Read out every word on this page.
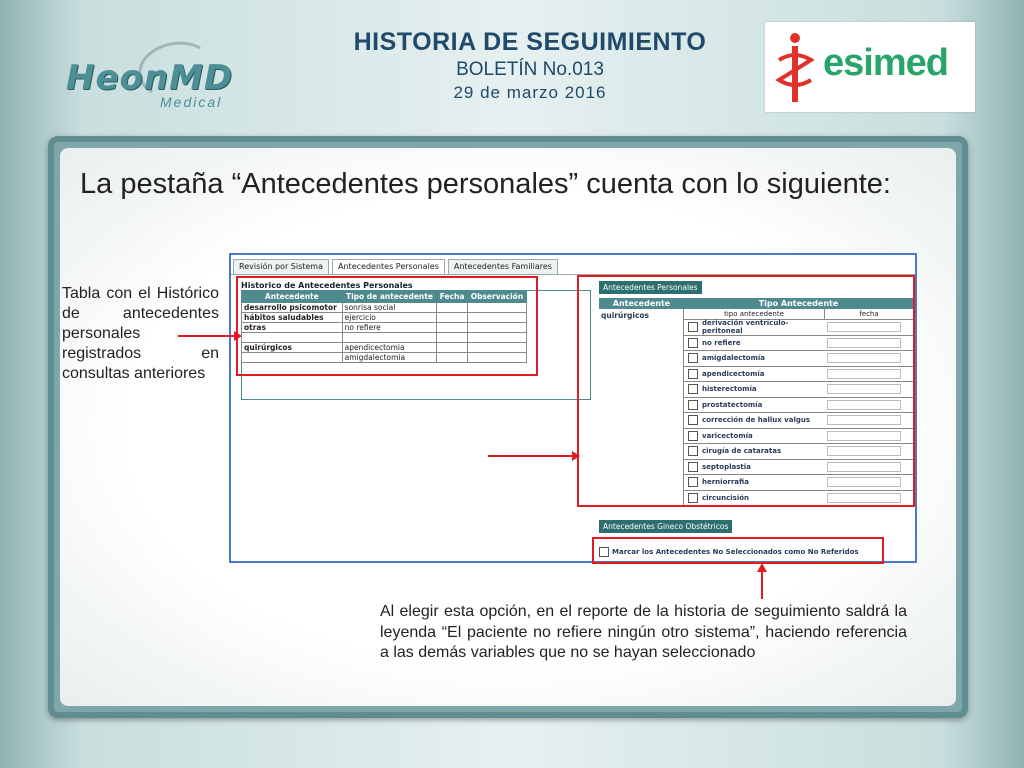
HeonMD
Medical
HISTORIA DE SEGUIMIENTO
BOLETÍN No.013
29 de marzo 2016
esimed
La pestaña “Antecedentes personales” cuenta con lo siguiente:
Tabla con el Histórico de antecedentes personales registrados en consultas anteriores
Al elegir esta opción, en el reporte de la historia de seguimiento saldrá la leyenda “El paciente no refiere ningún otro sistema”, haciendo referencia a las demás variables que no se hayan seleccionado
Revisión por Sistema	Antecedentes Personales	Antecedentes Familiares
Historico de Antecedentes Personales
Antecedente	Tipo de antecedente	Fecha	Observación
desarrollo psicomotor	sonrisa social		
hábitos saludables	ejercicio		
otras	no refiere		

quirúrgicos	apendicectomia		
	amigdalectomia		
Antecedentes Personales
Antecedente	Tipo Antecedente
quirúrgicos	tipo antecedente	fecha
derivación ventrículo-peritoneal
no refiere
amigdalectomía
apendicectomía
histerectomía
prostatectomía
corrección de hallux valgus
varicectomía
cirugía de cataratas
septoplastia
herniorrafia
circuncisión
Antecedentes Gineco Obstétricos
Marcar los Antecedentes No Seleccionados como No Referidos
